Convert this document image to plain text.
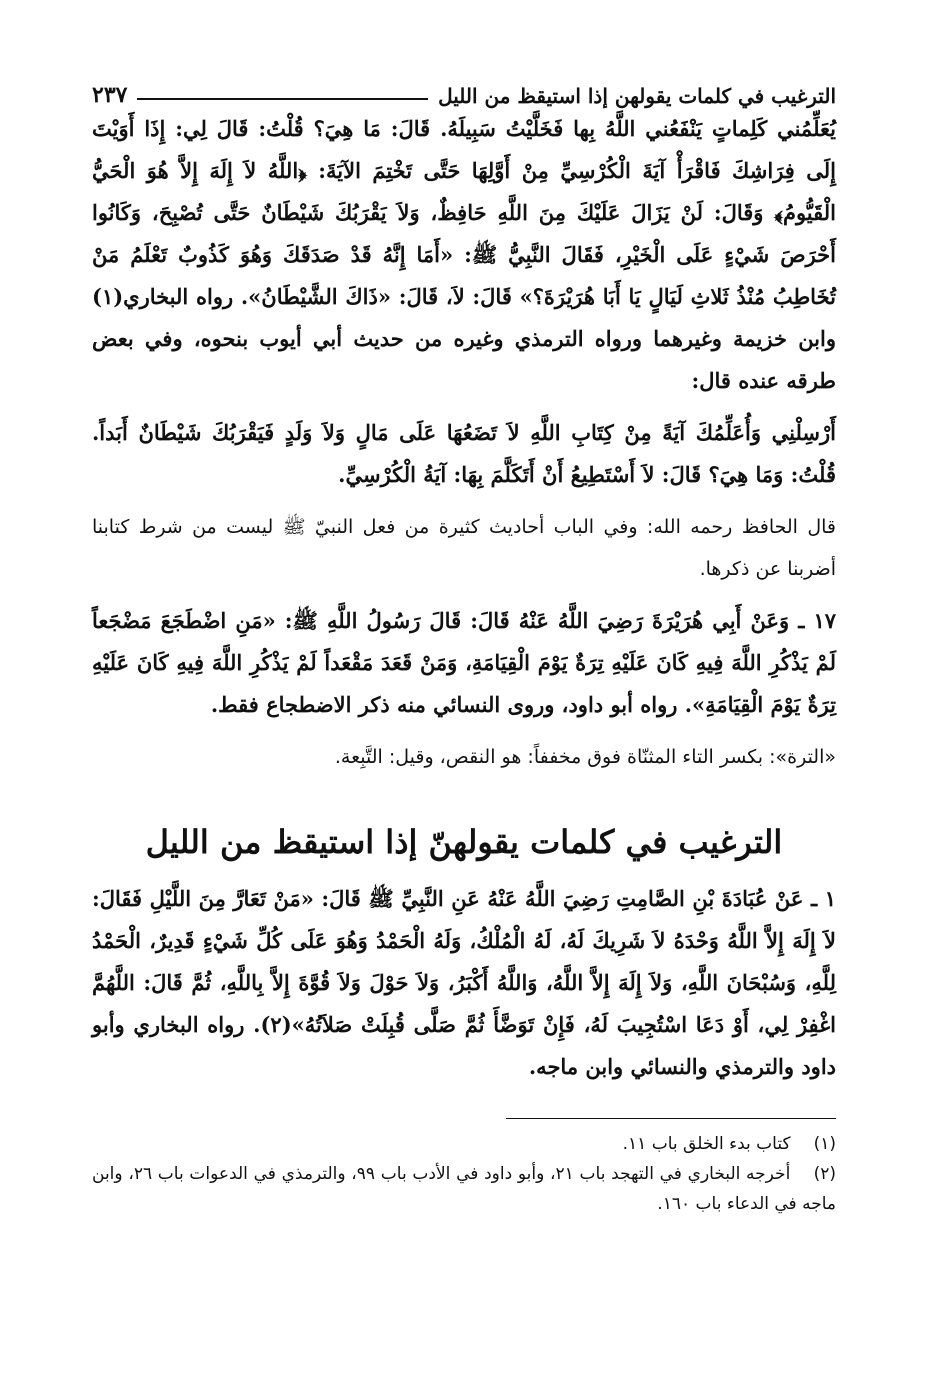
الترغيب في كلمات يقولهن إذا استيقظ من الليل
٢٣٧

يُعَلِّمُني كَلِماتٍ يَنْفَعُني اللَّهُ بِها فَخَلَّيْتُ سَبِيلَهُ. قَالَ: مَا هِيَ؟ قُلْتُ: قَالَ لِي: إِذَا أَوَيْتَ إِلَى فِرَاشِكَ فَاقْرَأْ آيَةَ الْكُرْسِيِّ مِنْ أَوَّلِهَا حَتَّى تَخْتِمَ الآيَةَ: ﴿اللَّهُ لاَ إِلَهَ إِلاَّ هُوَ الْحَيُّ الْقَيُّومُ﴾ وَقَالَ: لَنْ يَزَالَ عَلَيْكَ مِنَ اللَّهِ حَافِظٌ، وَلاَ يَقْرَبُكَ شَيْطَانٌ حَتَّى تُصْبِحَ، وَكَانُوا أَحْرَصَ شَيْءٍ عَلَى الْخَيْرِ، فَقَالَ النَّبِيُّ ﷺ: «أَمَا إِنَّهُ قَدْ صَدَقَكَ وَهُوَ كَذُوبٌ تَعْلَمُ مَنْ تُخَاطِبُ مُنْذُ ثَلاثِ لَيَالٍ يَا أَبَا هُرَيْرَةَ؟» قَالَ: لاَ، قَالَ: «ذَاكَ الشَّيْطَانُ». رواه البخاري(١) وابن خزيمة وغيرهما ورواه الترمذي وغيره من حديث أبي أيوب بنحوه، وفي بعض طرقه عنده قال:

أَرْسِلْنِي وَأُعَلِّمُكَ آيَةً مِنْ كِتَابِ اللَّهِ لاَ تَضَعُهَا عَلَى مَالٍ وَلاَ وَلَدٍ فَيَقْرَبُكَ شَيْطَانٌ أَبَداً. قُلْتُ: وَمَا هِيَ؟ قَالَ: لاَ أَسْتَطِيعُ أَنْ أَتَكَلَّمَ بِهَا: آيَةُ الْكُرْسِيِّ.

قال الحافظ رحمه الله: وفي الباب أحاديث كثيرة من فعل النبيّ ﷺ ليست من شرط كتابنا أضربنا عن ذكرها.

١٧ ـ وَعَنْ أَبِي هُرَيْرَةَ رَضِيَ اللَّهُ عَنْهُ قَالَ: قَالَ رَسُولُ اللَّهِ ﷺ: «مَنِ اضْطَجَعَ مَضْجَعاً لَمْ يَذْكُرِ اللَّهَ فِيهِ كَانَ عَلَيْهِ تِرَةٌ يَوْمَ الْقِيَامَةِ، وَمَنْ قَعَدَ مَقْعَداً لَمْ يَذْكُرِ اللَّهَ فِيهِ كَانَ عَلَيْهِ تِرَةٌ يَوْمَ الْقِيَامَةِ». رواه أبو داود، وروى النسائي منه ذكر الاضطجاع فقط.

«الترة»: بكسر التاء المثنّاة فوق مخففاً: هو النقص، وقيل: التَّبِعة.

الترغيب في كلمات يقولهنّ إذا استيقظ من الليل

١ ـ عَنْ عُبَادَةَ بْنِ الصَّامِتِ رَضِيَ اللَّهُ عَنْهُ عَنِ النَّبِيِّ ﷺ قَالَ: «مَنْ تَعَارَّ مِنَ اللَّيْلِ فَقَالَ: لاَ إِلَهَ إِلاَّ اللَّهُ وَحْدَهُ لاَ شَرِيكَ لَهُ، لَهُ الْمُلْكُ، وَلَهُ الْحَمْدُ وَهُوَ عَلَى كُلِّ شَيْءٍ قَدِيرٌ، الْحَمْدُ لِلَّهِ، وَسُبْحَانَ اللَّهِ، وَلاَ إِلَهَ إِلاَّ اللَّهُ، وَاللَّهُ أَكْبَرُ، وَلاَ حَوْلَ وَلاَ قُوَّةَ إِلاَّ بِاللَّهِ، ثُمَّ قَالَ: اللَّهُمَّ اغْفِرْ لِي، أَوْ دَعَا اسْتُجِيبَ لَهُ، فَإِنْ تَوَضَّأَ ثُمَّ صَلَّى قُبِلَتْ صَلاَتُهُ»(٢). رواه البخاري وأبو داود والترمذي والنسائي وابن ماجه.

(١) كتاب بدء الخلق باب ١١.

(٢) أخرجه البخاري في التهجد باب ٢١، وأبو داود في الأدب باب ٩٩، والترمذي في الدعوات باب ٢٦، وابن ماجه في الدعاء باب ١٦٠.
